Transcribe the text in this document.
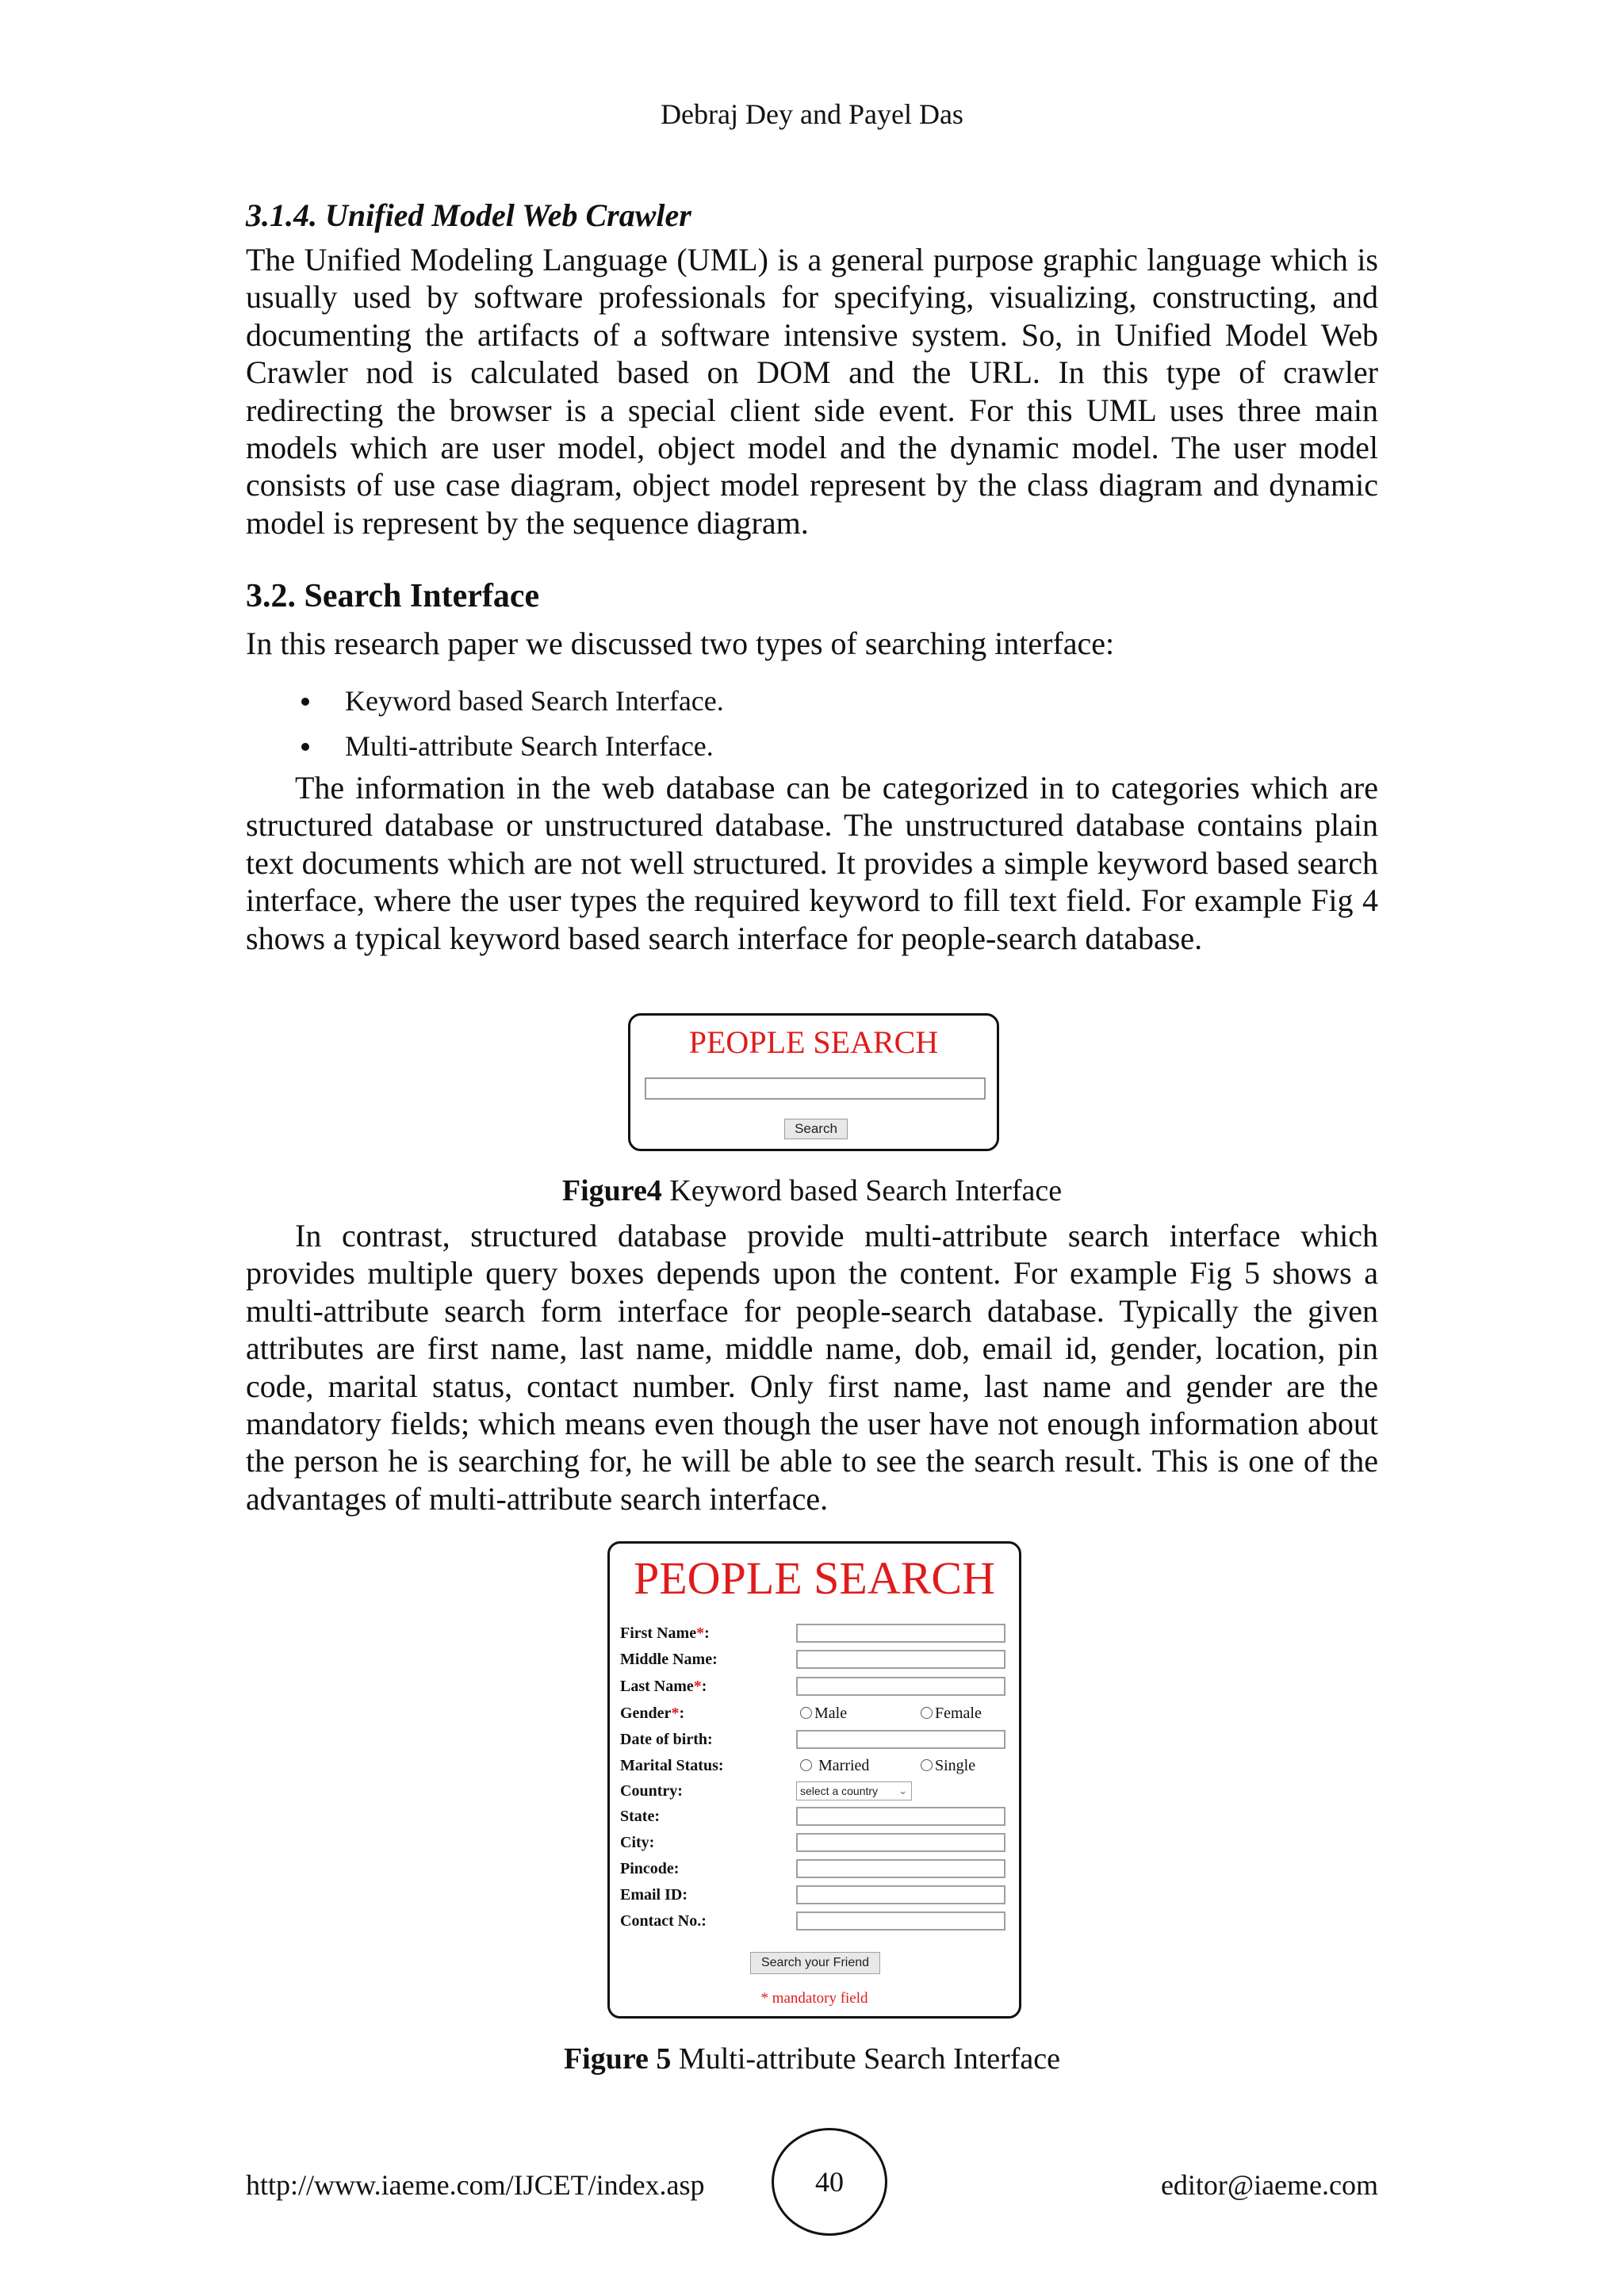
Debraj Dey and Payel Das
3.1.4. Unified Model Web Crawler
The Unified Modeling Language (UML) is a general purpose graphic language which is usually used by software professionals for specifying, visualizing, constructing, and documenting the artifacts of a software intensive system. So, in Unified Model Web Crawler nod is calculated based on DOM and the URL. In this type of crawler redirecting the browser is a special client side event. For this UML uses three main models which are user model, object model and the dynamic model. The user model consists of use case diagram, object model represent by the class diagram and dynamic model is represent by the sequence diagram.
3.2. Search Interface
In this research paper we discussed two types of searching interface:
Keyword based Search Interface.
Multi-attribute Search Interface.
The information in the web database can be categorized in to categories which are structured database or unstructured database. The unstructured database contains plain text documents which are not well structured. It provides a simple keyword based search interface, where the user types the required keyword to fill text field. For example Fig 4 shows a typical keyword based search interface for people-search database.
PEOPLE SEARCH
Search
Figure4 Keyword based Search Interface
In contrast, structured database provide multi-attribute search interface which provides multiple query boxes depends upon the content. For example Fig 5 shows a multi-attribute search form interface for people-search database. Typically the given attributes are first name, last name, middle name, dob, email id, gender, location, pin code, marital status, contact number. Only first name, last name and gender are the mandatory fields; which means even though the user have not enough information about the person he is searching for, he will be able to see the search result. This is one of the advantages of multi-attribute search interface.
PEOPLE SEARCH
First Name*:
Middle Name:
Last Name*:
Gender*:	Male	Female
Date of birth:
Marital Status:	Married	Single
Country:	select a country ⌄
State:
City:
Pincode:
Email ID:
Contact No.:
Search your Friend
* mandatory field
Figure 5 Multi-attribute Search Interface
http://www.iaeme.com/IJCET/index.asp	40	editor@iaeme.com
